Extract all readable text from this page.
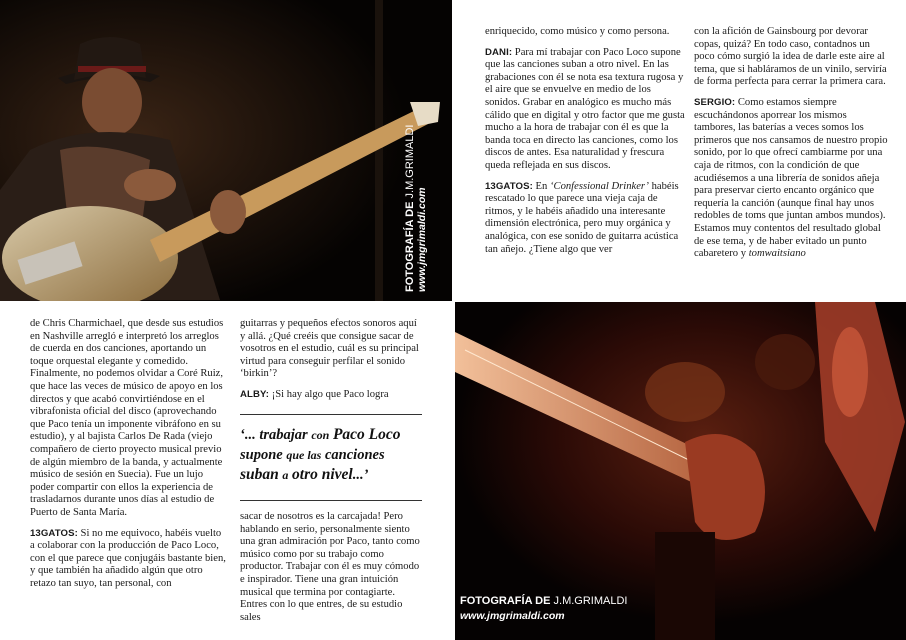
FOTOGRAFÍA DE J.M.GRIMALDI
www.jmgrimaldi.com
FOTOGRAFÍA DE J.M.GRIMALDI
www.jmgrimaldi.com

enriquecido, como músico y como persona.

DANI: Para mí trabajar con Paco Loco supone que las canciones suban a otro nivel. En las grabaciones con él se nota esa textura rugosa y el aire que se envuelve en medio de los sonidos. Grabar en analógico es mucho más cálido que en digital y otro factor que me gusta mucho a la hora de trabajar con él es que la banda toca en directo las canciones, como los discos de antes. Esa naturalidad y frescura queda reflejada en sus discos.

13GATOS: En ‘Confessional Drinker’ habéis rescatado lo que parece una vieja caja de ritmos, y le habéis añadido una interesante dimensión electrónica, pero muy orgánica y analógica, con ese sonido de guitarra acústica tan añejo. ¿Tiene algo que ver

con la afición de Gainsbourg por devorar copas, quizá? En todo caso, contadnos un poco cómo surgió la idea de darle este aire al tema, que si habláramos de un vinilo, serviría de forma perfecta para cerrar la primera cara.

SERGIO: Como estamos siempre escuchándonos aporrear los mismos tambores, las baterías a veces somos los primeros que nos cansamos de nuestro propio sonido, por lo que ofrecí cambiarme por una caja de ritmos, con la condición de que acudiésemos a una librería de sonidos añeja para preservar cierto encanto orgánico que requería la canción (aunque final hay unos redobles de toms que juntan ambos mundos). Estamos muy contentos del resultado global de ese tema, y de haber evitado un punto cabaretero y tomwaitsiano

de Chris Charmichael, que desde sus estudios en Nashville arregló e interpretó los arreglos de cuerda en dos canciones, aportando un toque orquestal elegante y comedido. Finalmente, no podemos olvidar a Coré Ruiz, que hace las veces de músico de apoyo en los directos y que acabó convirtiéndose en el vibrafonista oficial del disco (aprovechando que Paco tenía un imponente vibráfono en su estudio), y al bajista Carlos De Rada (viejo compañero de cierto proyecto musical previo de algún miembro de la banda, y actualmente músico de sesión en Suecia). Fue un lujo poder compartir con ellos la experiencia de trasladarnos durante unos días al estudio de Puerto de Santa María.

13GATOS: Si no me equivoco, habéis vuelto a colaborar con la producción de Paco Loco, con el que parece que conjugáis bastante bien, y que también ha añadido algún que otro retazo tan suyo, tan personal, con

guitarras y pequeños efectos sonoros aquí y allá. ¿Qué creéis que consigue sacar de vosotros en el estudio, cuál es su principal virtud para conseguir perfilar el sonido ‘birkin’?

ALBY: ¡Si hay algo que Paco logra

‘... trabajar con Paco Loco supone que las canciones suban a otro nivel...’

sacar de nosotros es la carcajada! Pero hablando en serio, personalmente siento una gran admiración por Paco, tanto como músico como por su trabajo como productor. Trabajar con él es muy cómodo e inspirador. Tiene una gran intuición musical que termina por contagiarte. Entres con lo que entres, de su estudio sales
